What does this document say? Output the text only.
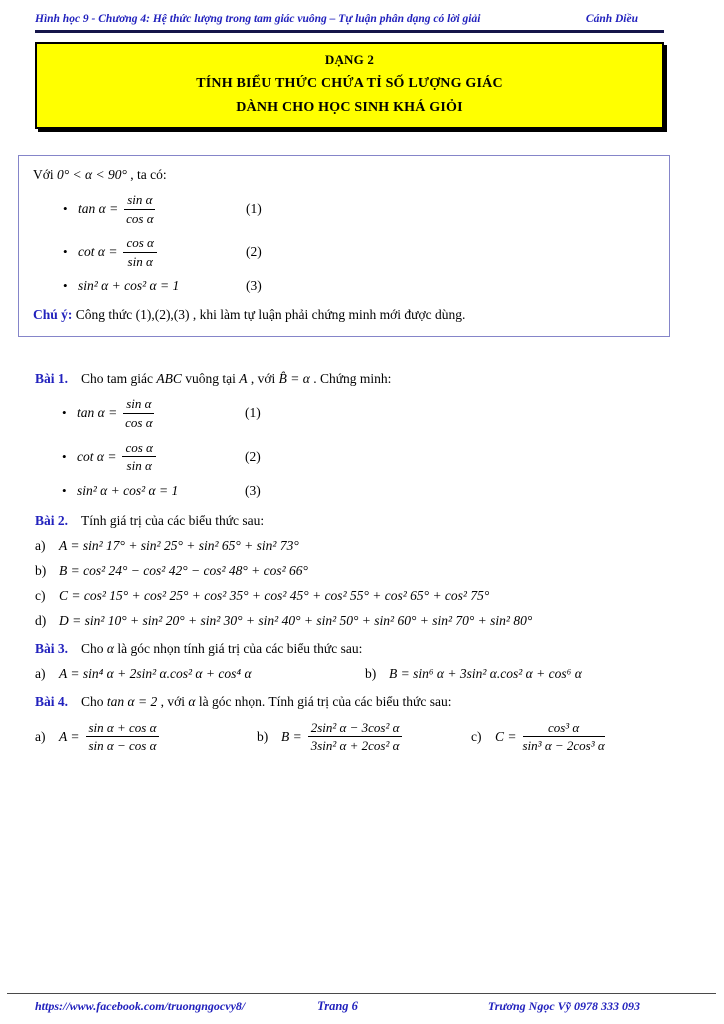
Hình học 9 - Chương 4: Hệ thức lượng trong tam giác vuông – Tự luận phân dạng có lời giải	Cánh Diều
DẠNG 2
TÍNH BIỂU THỨC CHỨA TỈ SỐ LƯỢNG GIÁC
DÀNH CHO HỌC SINH KHÁ GIỎI
Với 0° < α < 90° , ta có:
• $\tan \alpha = \frac{\text{sin α}}{\text{cos α}}$	(1)
• $\cot \alpha = \frac{\text{cos α}}{\text{sin α}}$	(2)
• sin² α + cos² α = 1	(3)
Chú ý: Công thức (1),(2),(3) , khi làm tự luận phải chứng minh mới được dùng.
Bài 1. Cho tam giác ABC vuông tại A , với B̂ = α . Chứng minh:
• $\tan \alpha = \frac{\text{sin α}}{\text{cos α}}$	(1)
• $\cot \alpha = \frac{\text{cos α}}{\text{sin α}}$	(2)
• sin² α + cos² α = 1	(3)
Bài 2. Tính giá trị của các biểu thức sau:
a)	A = sin² 17° + sin² 25° + sin² 65° + sin² 73°
b) B = cos² 24° − cos² 42° − cos² 48° + cos² 66°
c)	C = cos² 15° + cos² 25° + cos² 35° + cos² 45° + cos² 55° + cos² 65° + cos² 75°
d) D = sin² 10° + sin² 20° + sin² 30° + sin² 40° + sin² 50° + sin² 60° + sin² 70° + sin² 80°
Bài 3. Cho α là góc nhọn tính giá trị của các biểu thức sau:
a)	A = sin⁴ α + 2sin² α.cos² α + cos⁴ α	b) B = sin⁶ α + 3sin² α.cos² α + cos⁶ α
Bài 4. Cho tan α = 2 , với α là góc nhọn. Tính giá trị của các biểu thức sau:
a)	$A = \frac{\text{sin α + cos α}}{\text{sin α − cos α}}$	b) $B = \frac{\text{2sin² α − 3cos² α}}{\text{3sin² α + 2cos² α}}$	c)	$C = \frac{\text{cos³ α}}{\text{sin³ α − 2cos³ α}}$
https://www.facebook.com/truongngocvy8/	Trang 6	Trương Ngọc Vỹ 0978 333 093
